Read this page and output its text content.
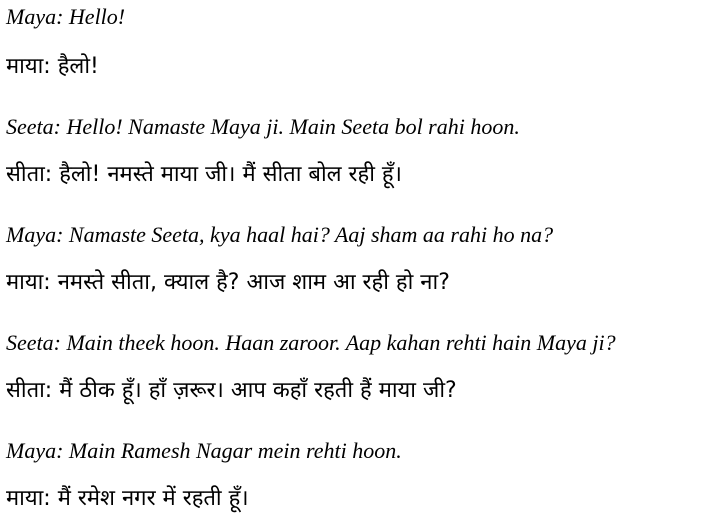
Maya: Hello!

माया: हैलो!

Seeta: Hello! Namaste Maya ji. Main Seeta bol rahi hoon.

सीता: हैलो! नमस्ते माया जी। मैं सीता बोल रही हूँ।

Maya: Namaste Seeta, kya haal hai? Aaj sham aa rahi ho na?

माया: नमस्ते सीता, क्याल है? आज शाम आ रही हो ना?

Seeta: Main theek hoon. Haan zaroor. Aap kahan rehti hain Maya ji?

सीता: मैं ठीक हूँ। हाँ ज़रूर। आप कहाँ रहती हैं माया जी?

Maya: Main Ramesh Nagar mein rehti hoon.

माया: मैं रमेश नगर में रहती हूँ।
